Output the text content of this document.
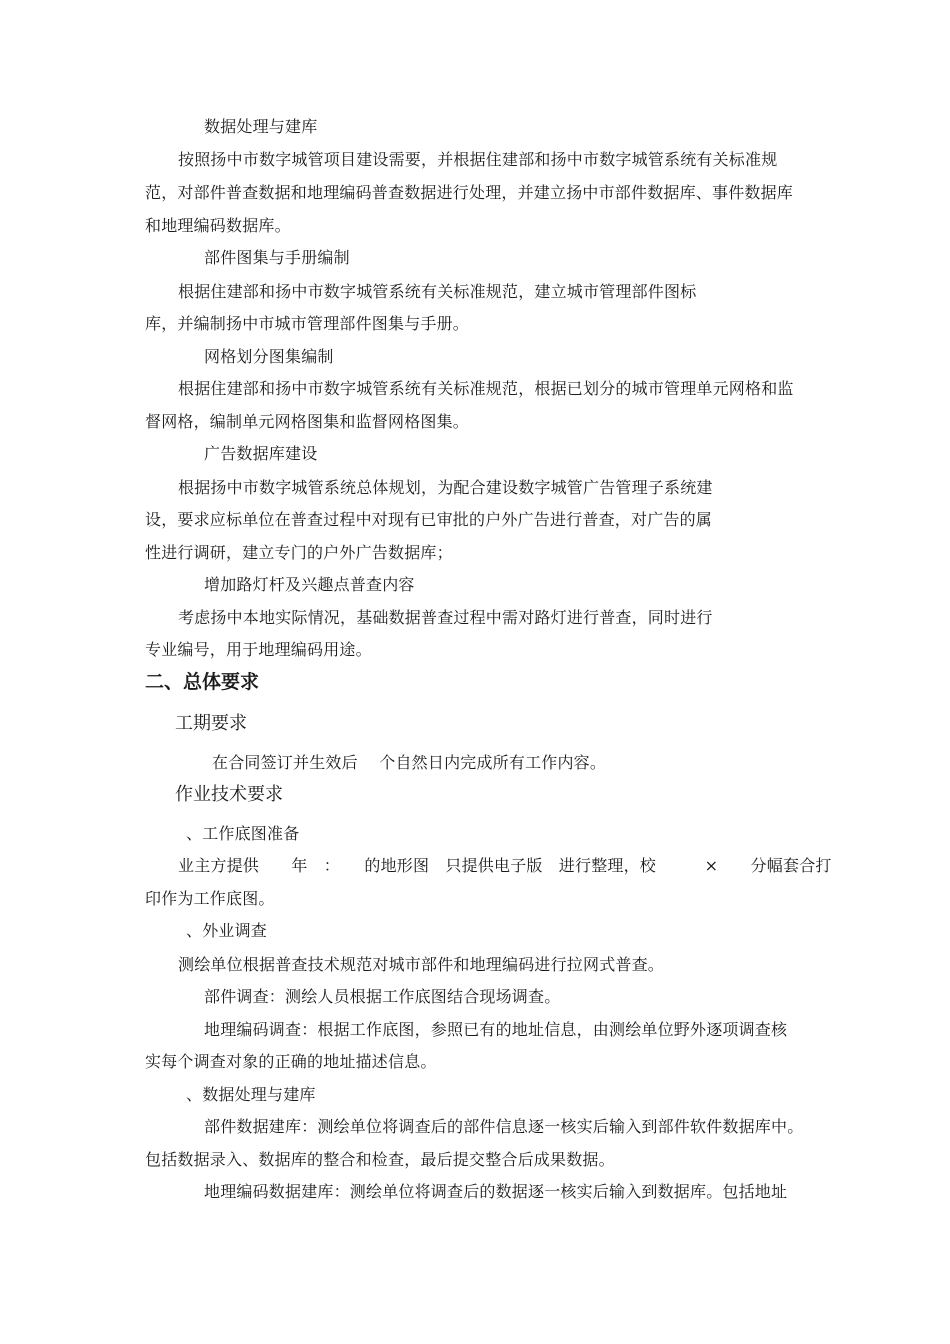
数据处理与建库
按照扬中市数字城管项目建设需要，并根据住建部和扬中市数字城管系统有关标准规
范，对部件普查数据和地理编码普查数据进行处理，并建立扬中市部件数据库、事件数据库
和地理编码数据库。
部件图集与手册编制
根据住建部和扬中市数字城管系统有关标准规范，建立城市管理部件图标
库，并编制扬中市城市管理部件图集与手册。
网格划分图集编制
根据住建部和扬中市数字城管系统有关标准规范，根据已划分的城市管理单元网格和监
督网格，编制单元网格图集和监督网格图集。
广告数据库建设
根据扬中市数字城管系统总体规划，为配合建设数字城管广告管理子系统建
设，要求应标单位在普查过程中对现有已审批的户外广告进行普查，对广告的属
性进行调研，建立专门的户外广告数据库；
增加路灯杆及兴趣点普查内容
考虑扬中本地实际情况，基础数据普查过程中需对路灯进行普查，同时进行
专业编号，用于地理编码用途。
二、总体要求
工期要求
在合同签订并生效后　 个自然日内完成所有工作内容。
作业技术要求
、工作底图准备
业主方提供　　年　：　　的地形图　只提供电子版　进行整理，校　　　×　　分幅套合打
印作为工作底图。
、外业调查
测绘单位根据普查技术规范对城市部件和地理编码进行拉网式普查。
部件调查：测绘人员根据工作底图结合现场调查。
地理编码调查：根据工作底图，参照已有的地址信息，由测绘单位野外逐项调查核
实每个调查对象的正确的地址描述信息。
、数据处理与建库
部件数据建库：测绘单位将调查后的部件信息逐一核实后输入到部件软件数据库中。
包括数据录入、数据库的整合和检查，最后提交整合后成果数据。
地理编码数据建库：测绘单位将调查后的数据逐一核实后输入到数据库。包括地址
